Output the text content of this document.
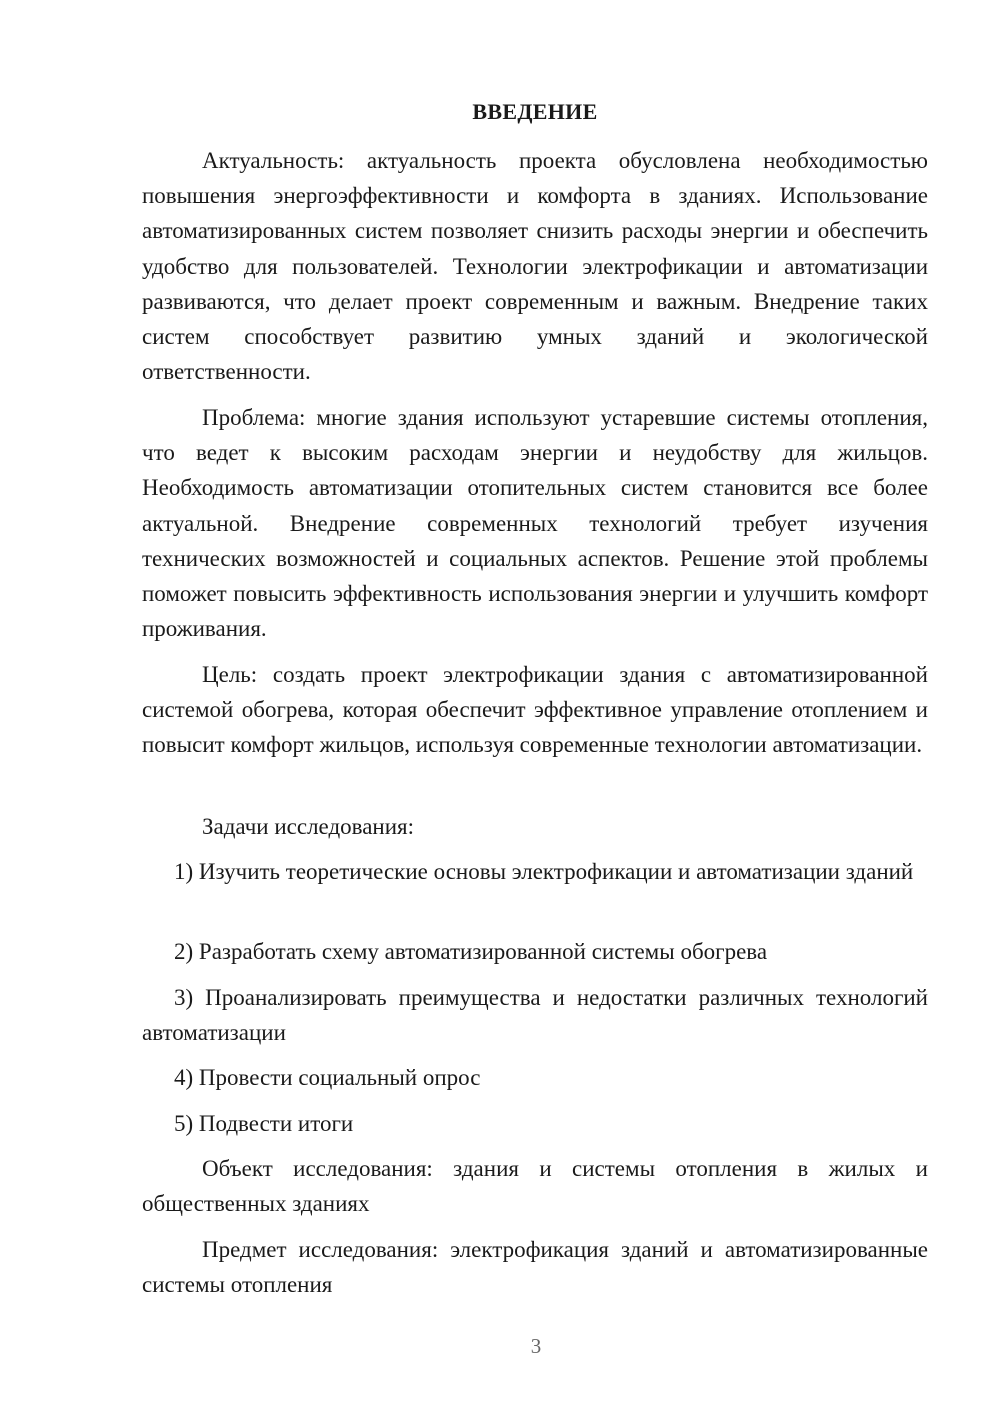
ВВЕДЕНИЕ

Актуальность: актуальность проекта обусловлена необходимостью повышения энергоэффективности и комфорта в зданиях. Использование автоматизированных систем позволяет снизить расходы энергии и обеспечить удобство для пользователей. Технологии электрофикации и автоматизации развиваются, что делает проект современным и важным. Внедрение таких систем способствует развитию умных зданий и экологической ответственности.

Проблема: многие здания используют устаревшие системы отопления, что ведет к высоким расходам энергии и неудобству для жильцов. Необходимость автоматизации отопительных систем становится все более актуальной. Внедрение современных технологий требует изучения технических возможностей и социальных аспектов. Решение этой проблемы поможет повысить эффективность использования энергии и улучшить комфорт проживания.

Цель: создать проект электрофикации здания с автоматизированной системой обогрева, которая обеспечит эффективное управление отоплением и повысит комфорт жильцов, используя современные технологии автоматизации.

Задачи исследования:

1) Изучить теоретические основы электрофикации и автоматизации зданий

2) Разработать схему автоматизированной системы обогрева

3) Проанализировать преимущества и недостатки различных технологий автоматизации

4) Провести социальный опрос

5) Подвести итоги

Объект исследования: здания и системы отопления в жилых и общественных зданиях

Предмет исследования: электрофикация зданий и автоматизированные системы отопления

3
